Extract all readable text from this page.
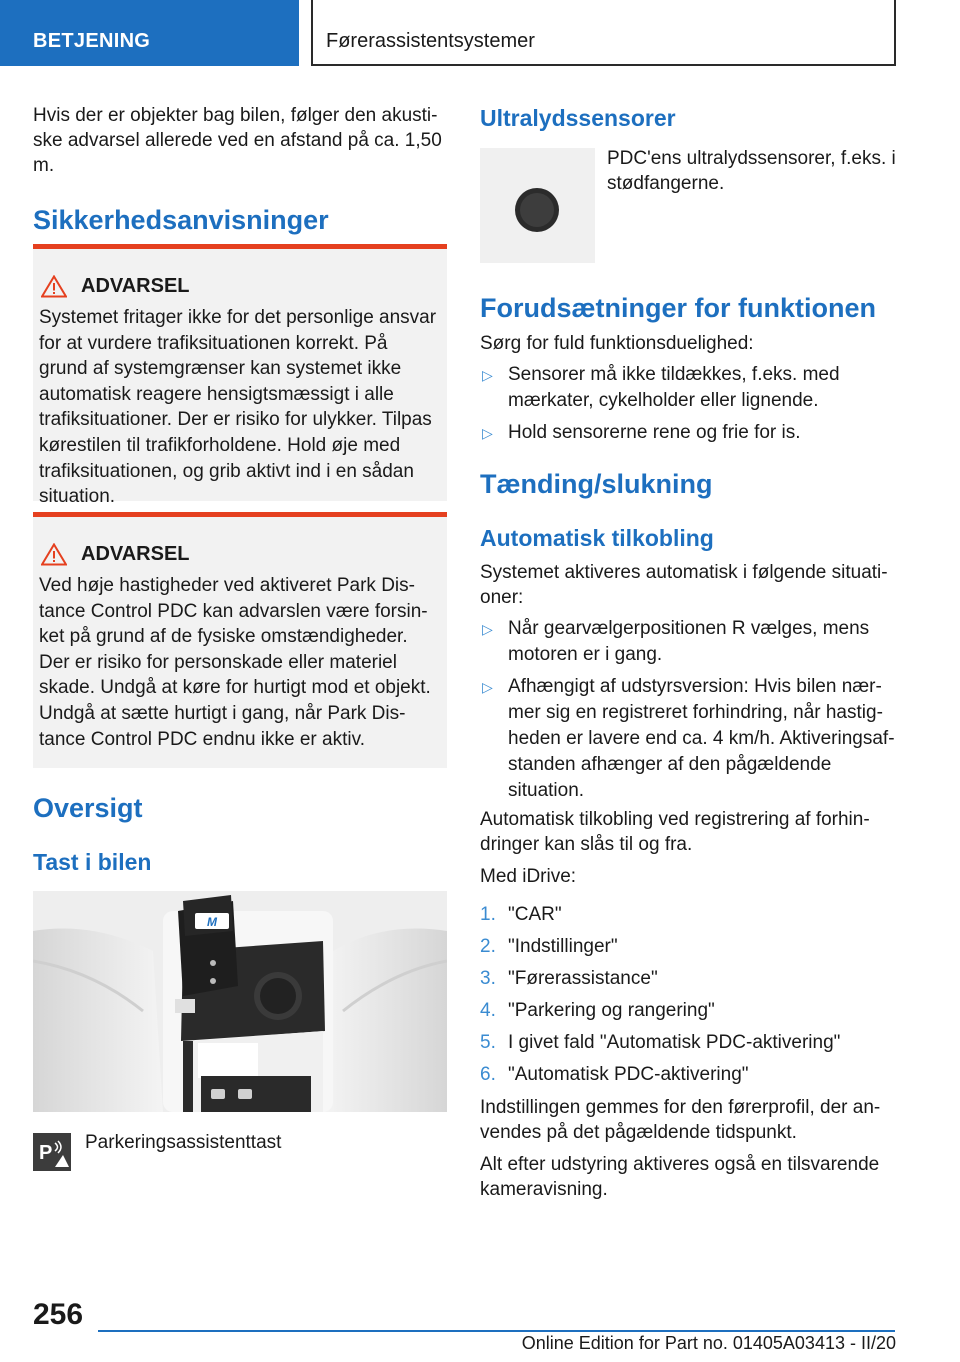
BETJENING	Førerassistentsystemer

Hvis der er objekter bag bilen, følger den akustiske advarsel allerede ved en afstand på ca. 1,50 m.

Sikkerhedsanvisninger
ADVARSEL

Systemet fritager ikke for det personlige ansvar for at vurdere trafiksituationen korrekt. På grund af systemgrænser kan systemet ikke automatisk reagere hensigtsmæssigt i alle trafiksituationer. Der er risiko for ulykker. Tilpas kørestilen til trafikforholdene. Hold øje med trafiksituationen, og grib aktivt ind i en sådan situation.

ADVARSEL

Ved høje hastigheder ved aktiveret Park Distance Control PDC kan advarslen være forsinket på grund af de fysiske omstændigheder. Der er risiko for personskade eller materiel skade. Undgå at køre for hurtigt mod et objekt. Undgå at sætte hurtigt i gang, når Park Distance Control PDC endnu ikke er aktiv.

Oversigt
Tast i bilen
M
P Parkeringsassistenttast

Ultralydssensorer

PDC'ens ultralydssensorer, f.eks. i stødfangerne.

Forudsætninger for funktionen

Sørg for fuld funktionsduelighed:

▷ Sensorer må ikke tildækkes, f.eks. med mærkater, cykelholder eller lignende.
▷ Hold sensorerne rene og frie for is.
Tænding/slukning
Automatisk tilkobling

Systemet aktiveres automatisk i følgende situationer:

▷ Når gearvælgerpositionen R vælges, mens motoren er i gang.
▷ Afhængigt af udstyrsversion: Hvis bilen nærmer sig en registreret forhindring, når hastigheden er lavere end ca. 4 km/h. Aktiveringsafstanden afhænger af den pågældende situation.

Automatisk tilkobling ved registrering af forhindringer kan slås til og fra.

Med iDrive:

1. "CAR"
2. "Indstillinger"
3. "Førerassistance"
4. "Parkering og rangering"
5. I givet fald "Automatisk PDC-aktivering"
6. "Automatisk PDC-aktivering"

Indstillingen gemmes for den førerprofil, der anvendes på det pågældende tidspunkt.

Alt efter udstyring aktiveres også en tilsvarende kameravisning.

256
Online Edition for Part no. 01405A03413 - II/20
